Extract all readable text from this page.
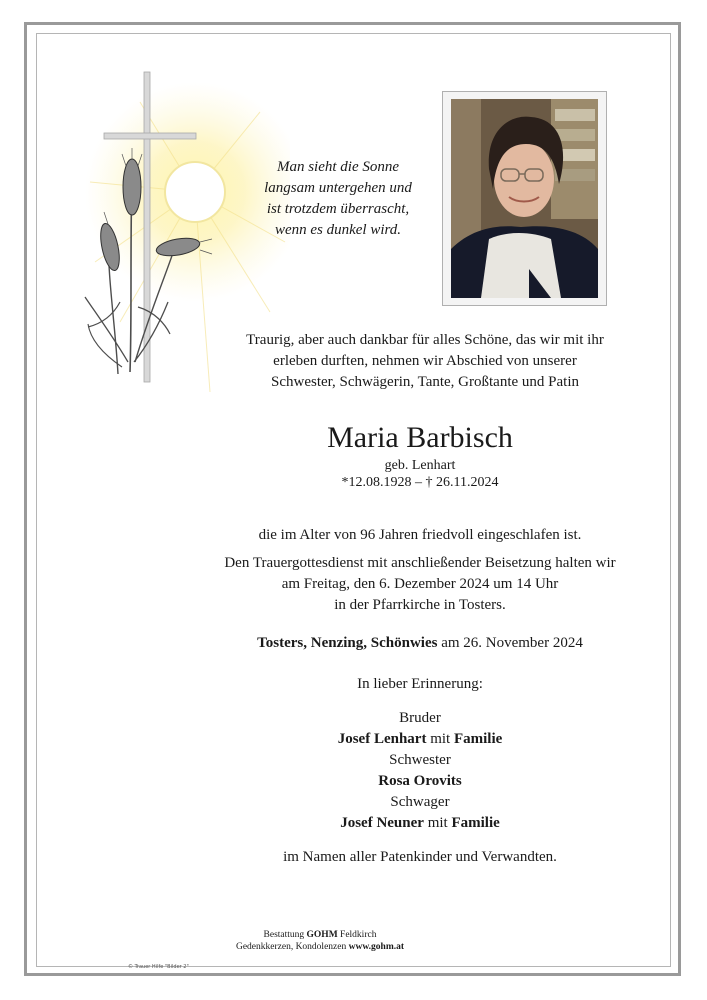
Man sieht die Sonne
langsam untergehen und
ist trotzdem überrascht,
wenn es dunkel wird.
Traurig, aber auch dankbar für alles Schöne, das wir mit ihr
erleben durften, nehmen wir Abschied von unserer
Schwester, Schwägerin, Tante, Großtante und Patin
Maria Barbisch
geb. Lenhart
*12.08.1928 – † 26.11.2024
die im Alter von 96 Jahren friedvoll eingeschlafen ist.
Den Trauergottesdienst mit anschließender Beisetzung halten wir
am Freitag, den 6. Dezember 2024 um 14 Uhr
in der Pfarrkirche in Tosters.
Tosters, Nenzing, Schönwies am 26. November 2024
In lieber Erinnerung:
Bruder
Josef Lenhart mit Familie
Schwester
Rosa Orovits
Schwager
Josef Neuner mit Familie
im Namen aller Patenkinder und Verwandten.
Bestattung GOHM Feldkirch
Gedenkkerzen, Kondolenzen www.gohm.at
© Trauer Hilfe "Bilder 2"
